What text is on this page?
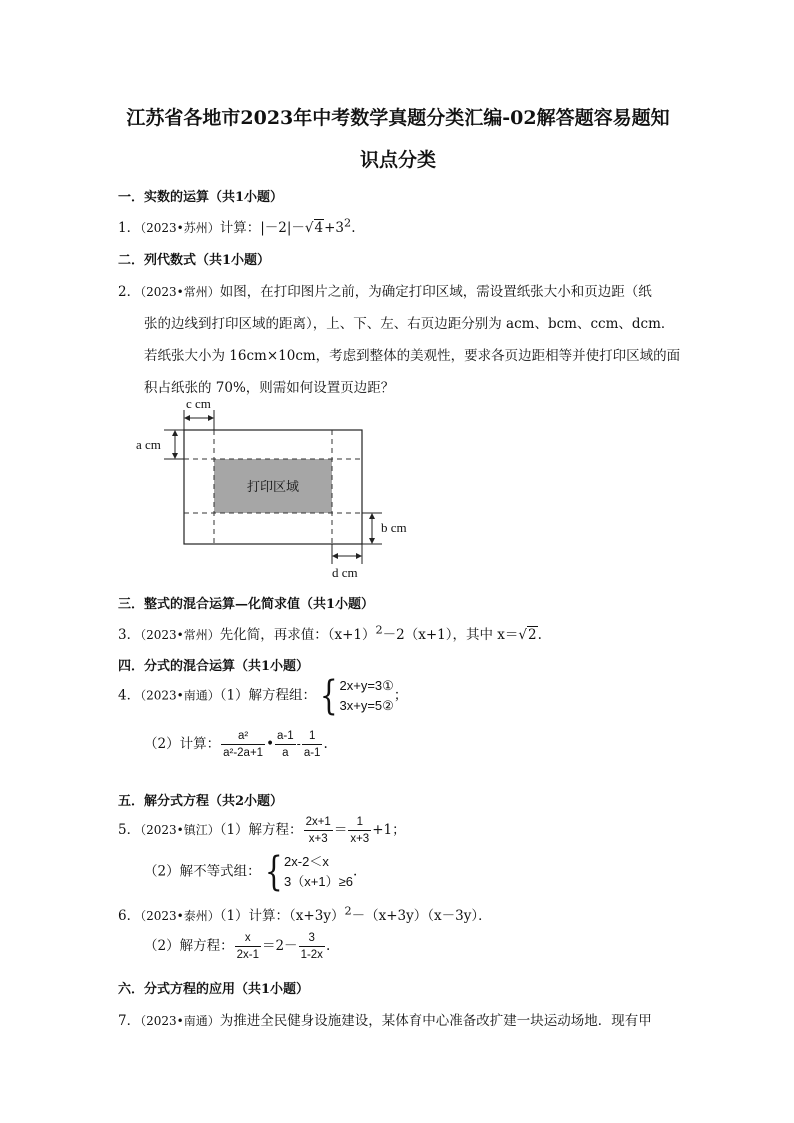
江苏省各地市2023年中考数学真题分类汇编-02解答题容易题知
识点分类
一．实数的运算（共1小题）
1．（2023•苏州）计算：$|-2|-√4+3^2$.
二．列代数式（共1小题）
2．（2023•常州）如图，在打印图片之前，为确定打印区域，需设置纸张大小和页边距（纸
张的边线到打印区域的距离），上、下、左、右页边距分别为 acm、bcm、ccm、dcm．
若纸张大小为 16cm×10cm，考虑到整体的美观性，要求各页边距相等并使打印区域的面
积占纸张的 70%，则需如何设置页边距？
打印区域
c cm
a cm
b cm
d cm
三．整式的混合运算—化简求值（共1小题）
3．（2023•常州）先化简，再求值：$(x+1)^2-2(x+1)$，其中 x＝√2.
四．分式的混合运算（共1小题）
4．（2023•南通）（1）解方程组：{ 2x+y=3①
3x+y=5②
；
（2）计算： $\frac{\text{a²}}{\text{a²-2a+1}}$ • $\frac{a-1}{a} - \frac{1}{a-1}$ .
五．解分式方程（共2小题）
5．（2023•镇江）（1）解方程： $\frac{2x+1}{x+3} = \frac{1}{x+3} +1$；
（2）解不等式组：{ 2x-2＜x
3（x+1）≥6
.
6．（2023•泰州）（1）计算：$(x+3y)^2-(x+3y)(x-3y)$．
（2）解方程： $\frac{x}{2x-1} =2- \frac{3}{1-2x}$ .
六．分式方程的应用（共1小题）
7．（2023•南通）为推进全民健身设施建设，某体育中心准备改扩建一块运动场地．现有甲
